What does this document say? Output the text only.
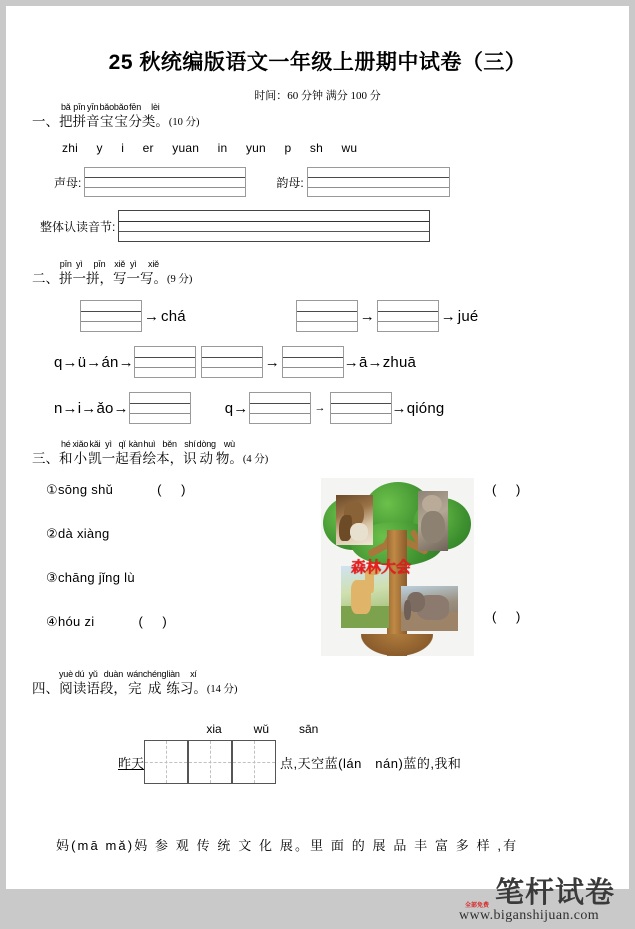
25 秋统编版语文一年级上册期中试卷（三）
时间：60 分钟 满分 100 分
一、
bǎ
把
pīn
拼
yīn
音
bǎo
宝
bǎo
宝
fēn
分
lèi
类。 (10 分)
zhi y i er yuan in yun p sh wu
声母:	韵母:
整体认读音节:
二、
pīn
拼
yì
一
pīn
拼，
xiě
写
yì
一
xiě
写。 (9 分)
→ chá	→	→ jué
q→ü→án→	→	→ā→zhuā
n→i→ǎo→	q→	→	→qióng
三、
hé
和
xiǎo
小
kǎi
凯
yì
一
qǐ
起
kàn
看
huì
绘
běn
本，
shí
识
dòng
动
wù
物。 (4 分)
①sōng shǔ	( )
②dà xiàng
③chāng jǐng lù
④hóu zi	( )
( )
( )
森林大会
四、
yuè
阅
dú
读
yǔ
语
duàn
段，
wán
完
chéng
成
liàn
练
xí
习。 (14 分)
xia	wǔ sān
昨天	点,天空蓝(lán　nán)蓝的,我和
妈(mā mǎ)妈 参 观 传 统 文 化 展。里 面 的 展 品 丰 富 多 样 ,有
全部免费 笔杆试卷
www.biganshijuan.com
